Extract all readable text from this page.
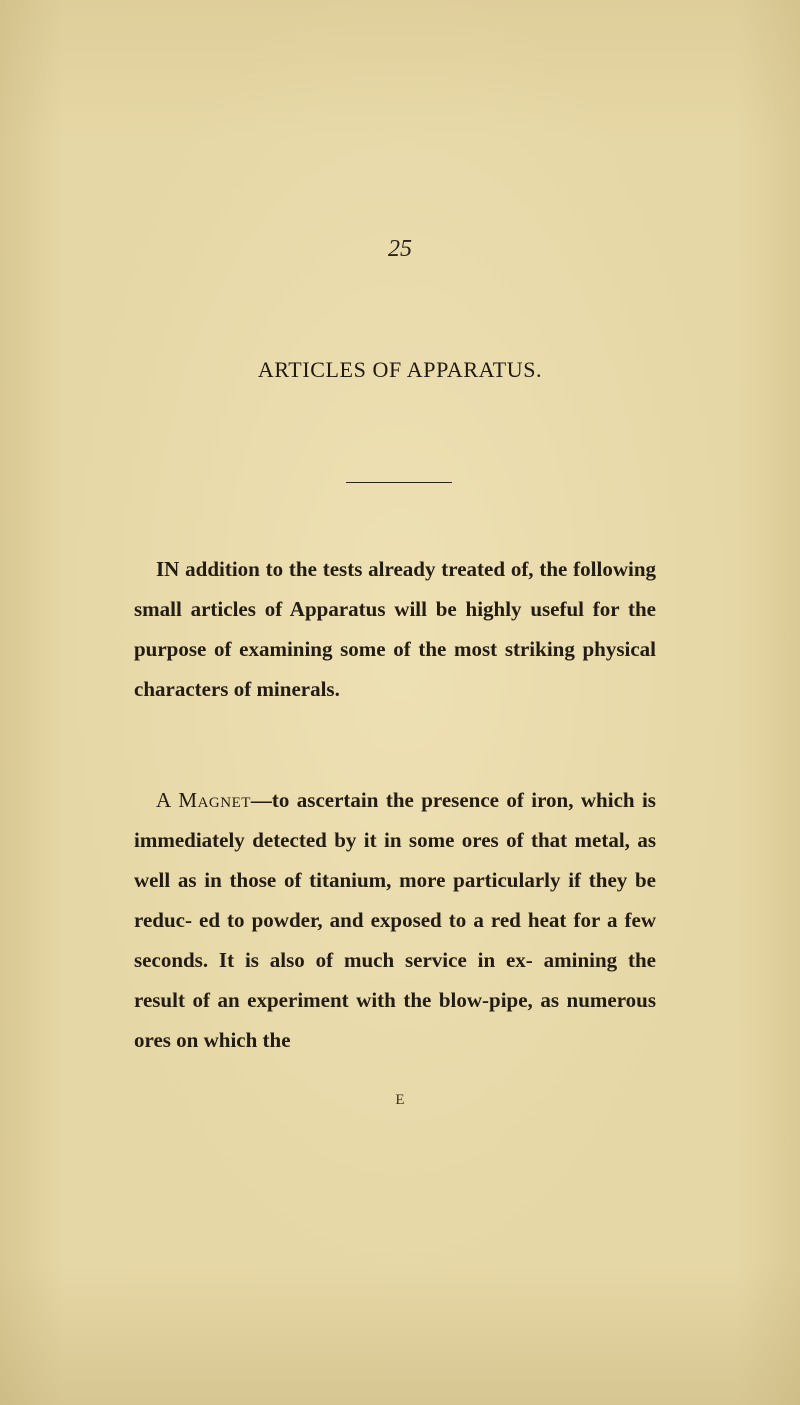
25
ARTICLES OF APPARATUS.

IN addition to the tests already treated of, the following small articles of Apparatus will be highly useful for the purpose of examining some of the most striking physical characters of minerals.

A Magnet—to ascertain the presence of iron, which is immediately detected by it in some ores of that metal, as well as in those of titanium, more particularly if they be reduc- ed to powder, and exposed to a red heat for a few seconds. It is also of much service in ex- amining the result of an experiment with the blow-pipe, as numerous ores on which the

E
